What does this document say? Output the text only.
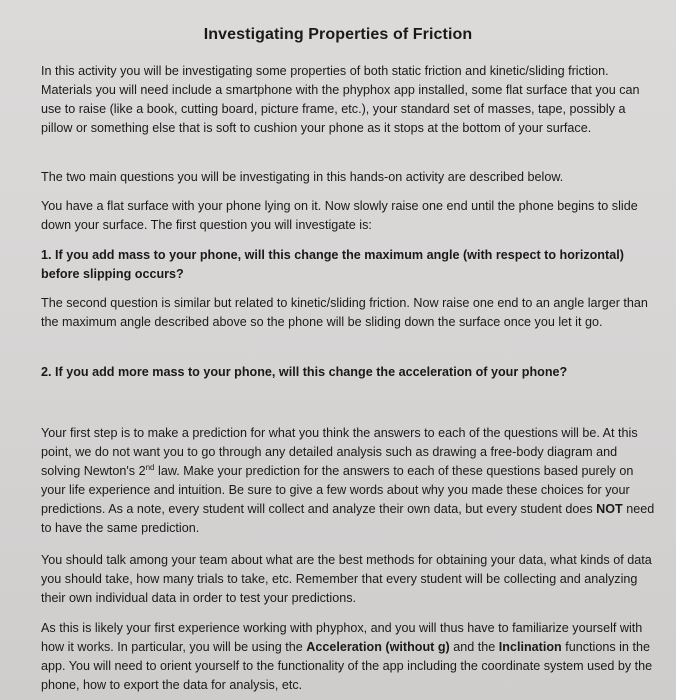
Investigating Properties of Friction

In this activity you will be investigating some properties of both static friction and kinetic/sliding friction. Materials you will need include a smartphone with the phyphox app installed, some flat surface that you can use to raise (like a book, cutting board, picture frame, etc.), your standard set of masses, tape, possibly a pillow or something else that is soft to cushion your phone as it stops at the bottom of your surface.

The two main questions you will be investigating in this hands-on activity are described below.

You have a flat surface with your phone lying on it. Now slowly raise one end until the phone begins to slide down your surface. The first question you will investigate is:

1. If you add mass to your phone, will this change the maximum angle (with respect to horizontal) before slipping occurs?

The second question is similar but related to kinetic/sliding friction. Now raise one end to an angle larger than the maximum angle described above so the phone will be sliding down the surface once you let it go.

2. If you add more mass to your phone, will this change the acceleration of your phone?

Your first step is to make a prediction for what you think the answers to each of the questions will be. At this point, we do not want you to go through any detailed analysis such as drawing a free-body diagram and solving Newton's 2nd law. Make your prediction for the answers to each of these questions based purely on your life experience and intuition. Be sure to give a few words about why you made these choices for your predictions. As a note, every student will collect and analyze their own data, but every student does NOT need to have the same prediction.

You should talk among your team about what are the best methods for obtaining your data, what kinds of data you should take, how many trials to take, etc. Remember that every student will be collecting and analyzing their own individual data in order to test your predictions.

As this is likely your first experience working with phyphox, and you will thus have to familiarize yourself with how it works. In particular, you will be using the Acceleration (without g) and the Inclination functions in the app. You will need to orient yourself to the functionality of the app including the coordinate system used by the phone, how to export the data for analysis, etc.
